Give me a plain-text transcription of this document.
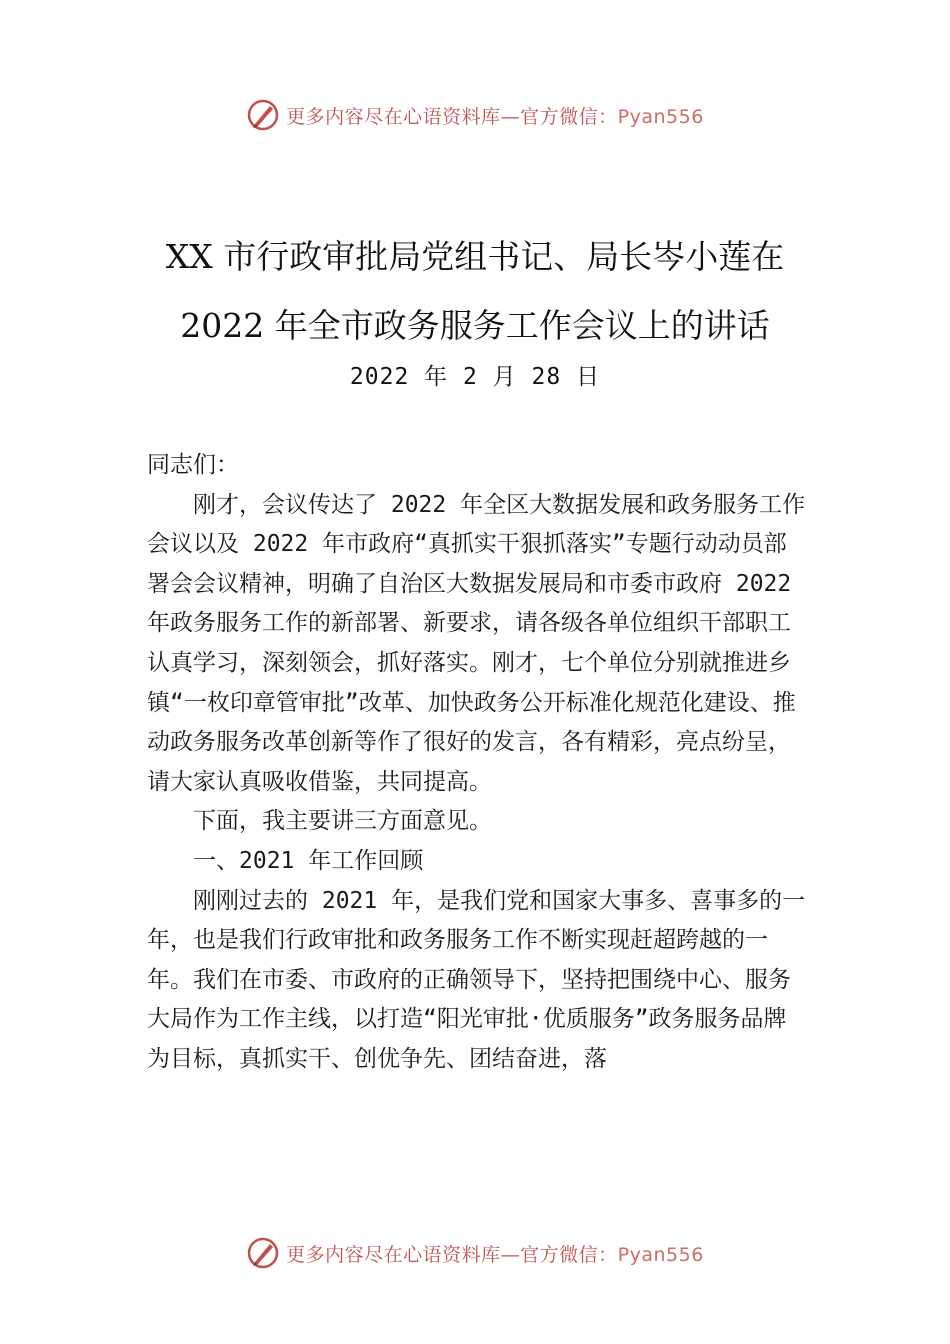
更多内容尽在心语资料库—官方微信：Pyan556
XX 市行政审批局党组书记、局长岑小莲在
2022 年全市政务服务工作会议上的讲话
2022 年 2 月 28 日

同志们：

刚才，会议传达了 2022 年全区大数据发展和政务服务工作会议以及 2022 年市政府“真抓实干狠抓落实”专题行动动员部署会会议精神，明确了自治区大数据发展局和市委市政府 2022 年政务服务工作的新部署、新要求，请各级各单位组织干部职工认真学习，深刻领会，抓好落实。刚才，七个单位分别就推进乡镇“一枚印章管审批”改革、加快政务公开标准化规范化建设、推动政务服务改革创新等作了很好的发言，各有精彩，亮点纷呈，请大家认真吸收借鉴，共同提高。

下面，我主要讲三方面意见。

一、2021 年工作回顾

刚刚过去的 2021 年，是我们党和国家大事多、喜事多的一年，也是我们行政审批和政务服务工作不断实现赶超跨越的一年。我们在市委、市政府的正确领导下，坚持把围绕中心、服务大局作为工作主线，以打造“阳光审批·优质服务”政务服务品牌为目标，真抓实干、创优争先、团结奋进，落

更多内容尽在心语资料库—官方微信：Pyan556
